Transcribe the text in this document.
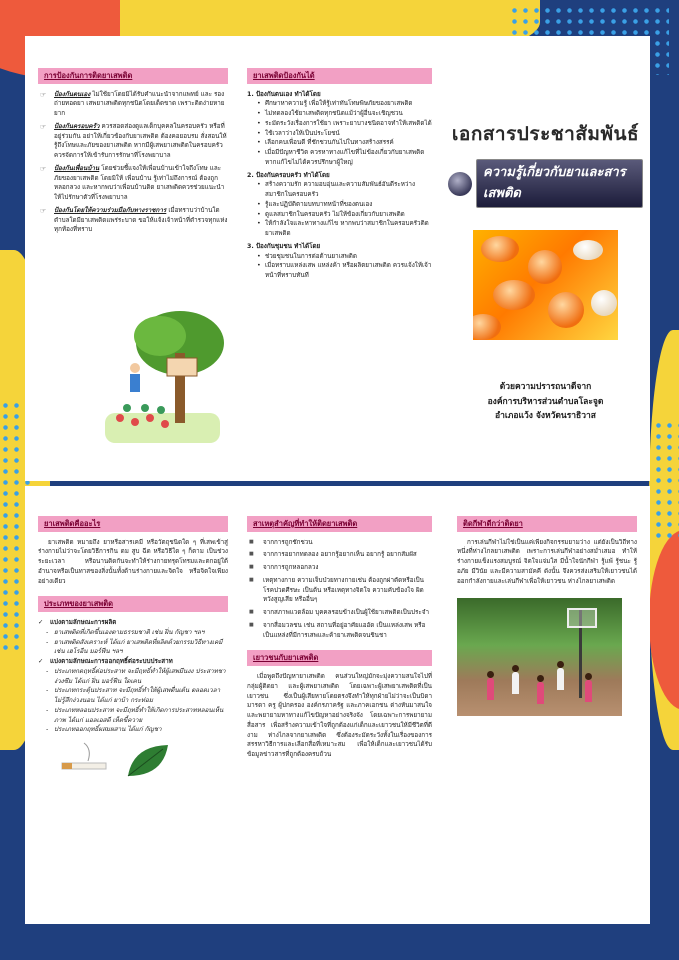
การป้องกันการติดยาเสพติด
☞ ป้องกันตนเอง ไม่ใช้ยาโดยมิได้รับคำแนะนำจากแพทย์ และ รองถ่ายทอดยา เสพยาเสพติดทุกชนิดโดยเด็ดขาด เพราะติดง่ายหายยาก
☞ ป้องกันครอบครัว ควรสอดส่องดูแลเด็กบุคคลในครอบครัว หรือที่อยู่ร่วมกัน อย่าให้เกี่ยวข้องกับยาเสพติด ต้องคอยอบรม สั่งสอนให้รู้ถึงโทษและภัยของยาเสพติด หากมีผู้เสพยาเสพติดในครอบครัวควรจัดการให้เข้ารับการรักษาที่โรงพยาบาล
☞ ป้องกันเพื่อนบ้าน โดยช่วยชี้แจงให้เพื่อนบ้านเข้าใจถึงโทษ และภัยของยาเสพติด โดยมิให้ เพื่อนบ้าน รู้เท่าไม่ถึงการณ์ ต้องถูกหลอกลวง และหากพบว่าเพื่อนบ้านติด ยาเสพติดควรช่วยแนะนำให้ไปรักษาตัวที่โรงพยาบาล
☞ ป้องกันโดยให้ความร่วมมือกับทางราชการ เมื่อทราบว่าบ้านใด ตำบลใดมียาเสพติดแพร่ระบาด ขอให้แจ้งเจ้าหน้าที่ตำรวจทุกแห่งทุกท้องที่ทราบ
ยาเสพติดป้องกันได้
1. ป้องกันตนเอง ทำได้โดย
• ศึกษาหาความรู้ เพื่อให้รู้เท่าทันโทษพิษภัยของยาเสพติด
• ไม่ทดลองใช้ยาเสพติดทุกชนิดแม้ว่าผู้อื่นจะเชิญชวน
• ระมัดระวังเรื่องการใช้ยา เพราะยาบางชนิดอาจทำให้เสพติดได้
• ใช้เวลาว่างให้เป็นประโยชน์
• เลือกคบเพื่อนดี ที่ชักชวนกันไปในทางสร้างสรรค์
• เมื่อมีปัญหาชีวิต ควรหาทางแก้ไขที่ไม่ข้องเกี่ยวกับยาเสพติด หากแก้ไขไม่ได้ควรปรึกษาผู้ใหญ่
2. ป้องกันครอบครัว ทำได้โดย
• สร้างความรัก ความอบอุ่นและความสัมพันธ์อันดีระหว่างสมาชิกในครอบครัว
• รู้และปฏิบัติตามบทบาทหน้าที่ของตนเอง
• ดูแลสมาชิกในครอบครัว ไม่ให้ข้องเกี่ยวกับยาเสพติด
• ให้กำลังใจและหาทางแก้ไข หากพบว่าสมาชิกในครอบครัวติดยาเสพติด
3. ป้องกันชุมชน ทำได้โดย
• ช่วยชุมชนในการต่อต้านยาเสพติด
• เมื่อทราบแหล่งเสพ แหล่งค้า หรือผลิตยาเสพติด ควรแจ้งให้เจ้าหน้าที่ทราบทันที
เอกสารประชาสัมพันธ์
ความรู้เกี่ยวกับยาและสารเสพติด
ด้วยความปรารถนาดีจาก
องค์การบริหารส่วนตำบลโละจูด
อำเภอแว้ง จังหวัดนราธิวาส
ยาเสพติดคืออะไร
ยาเสพติด หมายถึง ยาหรือสารเคมี หรือวัตถุชนิดใด ๆ ที่เสพเข้าสู่ร่างกายไม่ว่าจะโดยวิธีการกิน ดม สูบ ฉีด หรือวิธีใด ๆ ก็ตาม เป็นช่วงระยะเวลา หรือนานติดกันจะทำให้ร่างกายทรุดโทรมและตกอยู่ใต้อำนาจหรือเป็นทาสของสิ่งนั้นทั้งด้านร่างกายและจิตใจ หรือจิตใจเพียงอย่างเดียว
ประเภทของยาเสพติด
✓ แบ่งตามลักษณะการผลิต
- ยาเสพติดที่เกิดขึ้นเองตามธรรมชาติ เช่น ฝิ่น กัญชา ฯลฯ
- ยาเสพติดสังเคราะห์ ได้แก่ ยาเสพติดที่ผลิตด้วยกรรมวิธีทางเคมี เช่น เฮโรอีน มอร์ฟีน ฯลฯ
✓ แบ่งตามลักษณะการออกฤทธิ์ต่อระบบประสาท
- ประเภทกดฤทธิ์ต่อประสาท จะมีฤทธิ์ทำให้ผู้เสพมึนงง ประสาทชา ง่วงซึม ได้แก่ ฝิ่น มอร์ฟีน ใดเคน
- ประเภทกระตุ้นประสาท จะมีฤทธิ์ทำให้ผู้เสพตื่นเต้น ตลอดเวลา ไม่รู้สึกง่วงนอน ได้แก่ ยาบ้า กระท่อม
- ประเภทหลอนประสาท จะมีฤทธิ์ทำให้เกิดการประสาทหลอนเห็นภาพ ได้แก่ แอลเอสดี เห็ดขี้ควาย
- ประเภทออกฤทธิ์ผสมผสาน ได้แก่ กัญชา
สาเหตุสำคัญที่ทำให้ติดยาเสพติด
■ จากการถูกชักชวน
■ จากการอยากทดลอง อยากรู้อยากเห็น อยากรู้ อยากสัมผัส
■ จากการถูกหลอกลวง
■ เหตุทางกาย ความเจ็บป่วยทางกายเช่น ต้องถูกผ่าตัดหรือเป็นโรคปวดศีรษะ เป็นต้น หรือเหตุทางจิตใจ ความคับข้องใจ ผิดหวังสูญเสีย หรืออื่นๆ
■ จากสภาพแวดล้อม บุคคลรอบข้างเป็นผู้ใช้ยาเสพติดเป็นประจำ
■ จากสื่อมวลชน เช่น สถานที่อยู่อาศัยแออัด เป็นแหล่งเสพ หรือเป็นแหล่งที่มีการเสพและค้ายาเสพติดจนชินชา
เยาวชนกับยาเสพติด
เมื่อพูดถึงปัญหายาเสพติด คนส่วนใหญ่มักจะมุ่งความสนใจไปที่กลุ่มผู้ติดยา และผู้เสพยาเสพติด โดยเฉพาะผู้เสพยาเสพติดที่เป็นเยาวชน ซึ่งเป็นผู้เสียหายโดยตรงจึงทำให้ทุกฝ่ายไม่ว่าจะเป็นบิดามารดา ครู ผู้ปกครอง องค์กรภาครัฐ และภาคเอกชน ต่างหันมาสนใจ และพยายามหาทางแก้ไขปัญหาอย่างจริงจัง โดยเฉพาะการพยายามสื่อสาร เพื่อสร้างความเข้าใจที่ถูกต้องแก่เด็กและเยาวชนให้มีชีวิตที่ดีงาม ห่างไกลจากยาเสพติด ซึ่งต้องระมัดระวังทั้งในเรื่องของการสรรหาวิธีการและเลือกสื่อที่เหมาะสม เพื่อให้เด็กและเยาวชนได้รับข้อมูลข่าวสารที่ถูกต้องครบถ้วน
ติดกีฬาดีกว่าติดยา
การเล่นกีฬาไม่ใช่เป็นแค่เพียงกิจกรรมยามว่าง แต่ยังเป็นวิถีทางหนึ่งที่ห่างไกลยาเสพติด เพราะการเล่นกีฬาอย่างสม่ำเสมอ ทำให้ร่างกายแข็งแรงสมบูรณ์ จิตใจแจ่มใส มีน้ำใจนักกีฬา รู้แพ้ รู้ชนะ รู้อภัย มีวินัย และมีความสามัคคี ดังนั้น จึงควรส่งเสริมให้เยาวชนได้ออกกำลังกายและเล่นกีฬาเพื่อให้เยาวชน ห่างไกลยาเสพติด
